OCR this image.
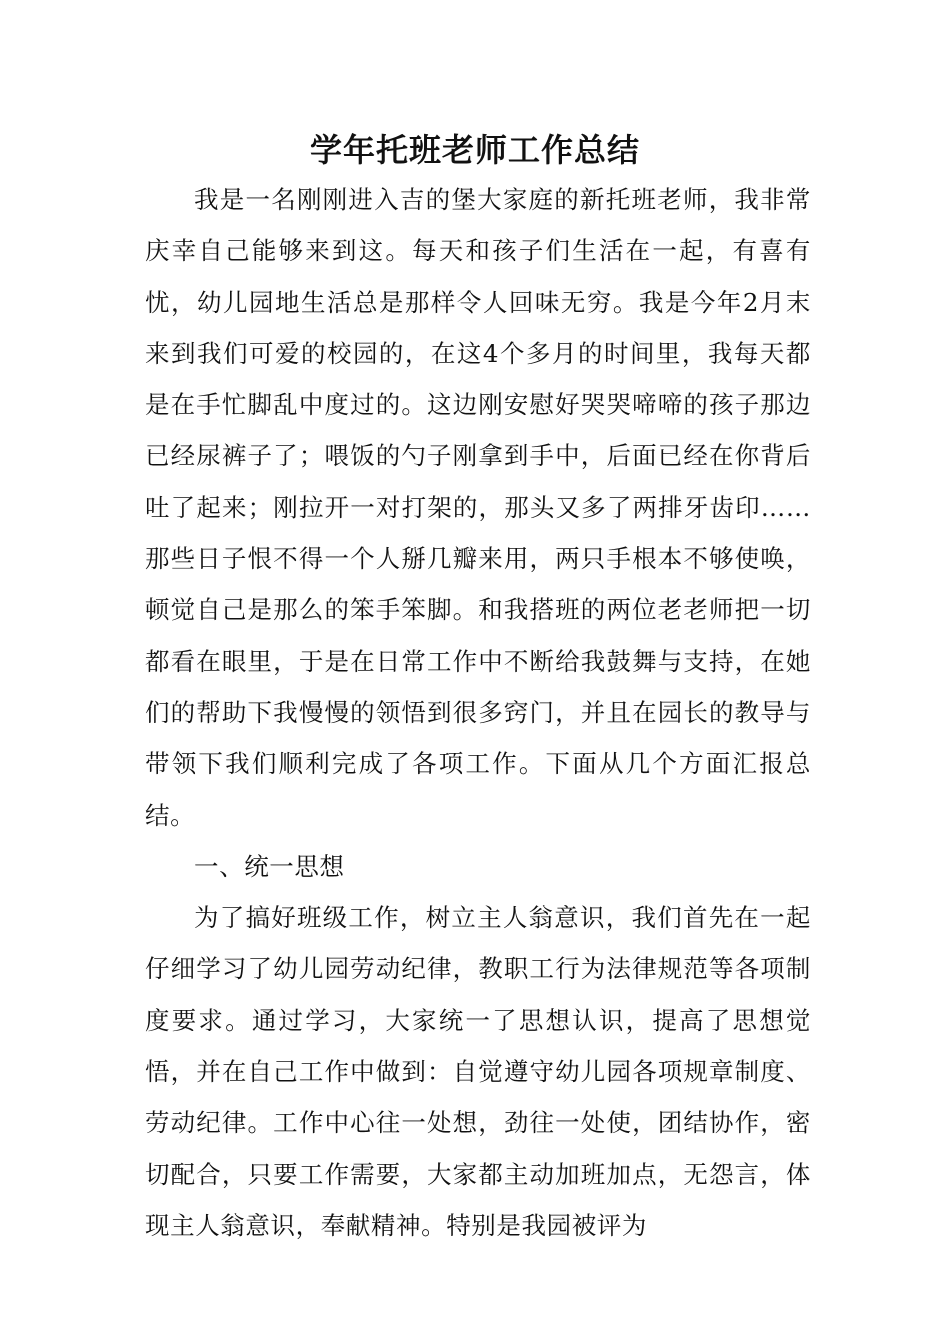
学年托班老师工作总结

我是一名刚刚进入吉的堡大家庭的新托班老师，我非常庆幸自己能够来到这。每天和孩子们生活在一起，有喜有忧，幼儿园地生活总是那样令人回味无穷。我是今年2月末来到我们可爱的校园的，在这4个多月的时间里，我每天都是在手忙脚乱中度过的。这边刚安慰好哭哭啼啼的孩子那边已经尿裤子了；喂饭的勺子刚拿到手中，后面已经在你背后吐了起来；刚拉开一对打架的，那头又多了两排牙齿印……那些日子恨不得一个人掰几瓣来用，两只手根本不够使唤，顿觉自己是那么的笨手笨脚。和我搭班的两位老老师把一切都看在眼里，于是在日常工作中不断给我鼓舞与支持，在她们的帮助下我慢慢的领悟到很多窍门，并且在园长的教导与带领下我们顺利完成了各项工作。下面从几个方面汇报总结。

一、统一思想

为了搞好班级工作，树立主人翁意识，我们首先在一起仔细学习了幼儿园劳动纪律，教职工行为法律规范等各项制度要求。通过学习，大家统一了思想认识，提高了思想觉悟，并在自己工作中做到：自觉遵守幼儿园各项规章制度、劳动纪律。工作中心往一处想，劲往一处使，团结协作，密切配合，只要工作需要，大家都主动加班加点，无怨言，体现主人翁意识，奉献精神。特别是我园被评为
